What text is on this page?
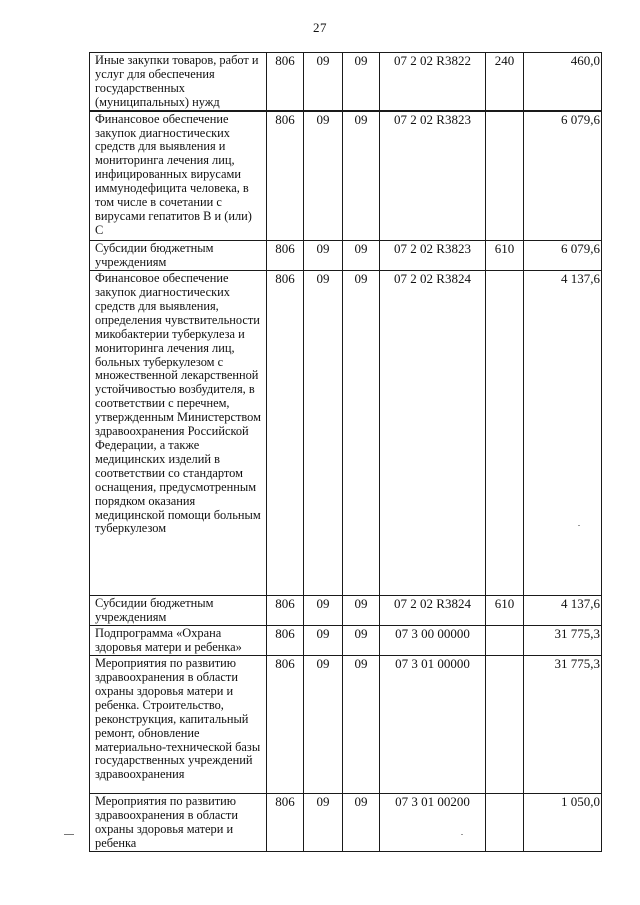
27
Иные закупки товаров, работ и услуг для обеспечения государственных (муниципальных) нужд	806	09	09	07 2 02 R3822	240	460,0
Финансовое обеспечение закупок диагностических средств для выявления и мониторинга лечения лиц, инфицированных вирусами иммунодефицита человека, в том числе в сочетании с вирусами гепатитов В и (или) С	806	09	09	07 2 02 R3823		6 079,6
Субсидии бюджетным учреждениям	806	09	09	07 2 02 R3823	610	6 079,6
Финансовое обеспечение закупок диагностических средств для выявления, определения чувствительности микобактерии туберкулеза и мониторинга лечения лиц, больных туберкулезом с множественной лекарственной устойчивостью возбудителя, в соответствии с перечнем, утвержденным Министерством здравоохранения Российской Федерации, а также медицинских изделий в соответствии со стандартом оснащения, предусмотренным порядком оказания медицинской помощи больным туберкулезом	806	09	09	07 2 02 R3824		4 137,6
Субсидии бюджетным учреждениям	806	09	09	07 2 02 R3824	610	4 137,6
Подпрограмма «Охрана здоровья матери и ребенка»	806	09	09	07 3 00 00000		31 775,3
Мероприятия по развитию здравоохранения в области охраны здоровья матери и ребенка. Строительство, реконструкция, капитальный ремонт, обновление материально-технической базы государственных учреждений здравоохранения	806	09	09	07 3 01 00000		31 775,3
Мероприятия по развитию здравоохранения в области охраны здоровья матери и ребенка	806	09	09	07 3 01 00200		1 050,0
